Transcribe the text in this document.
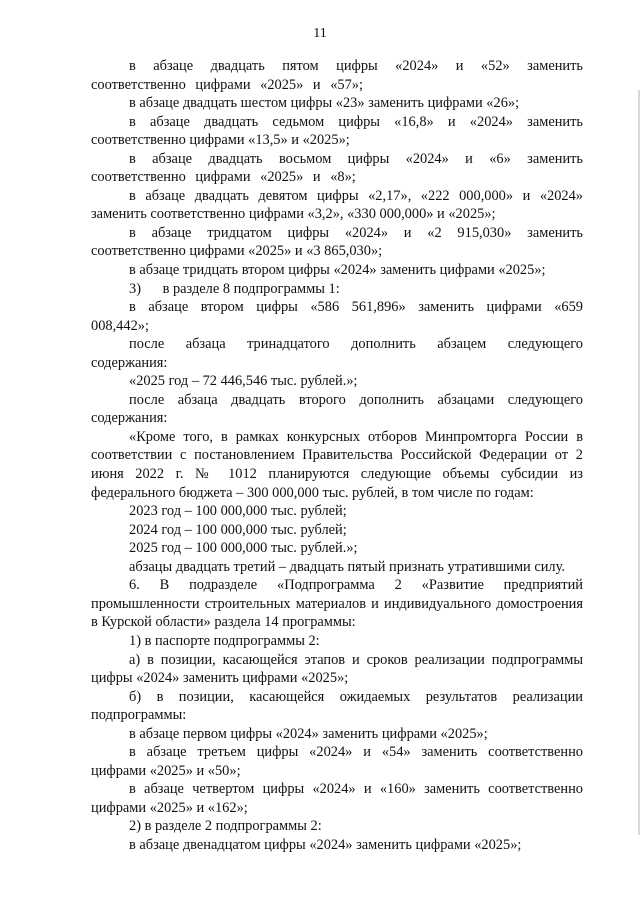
11

в абзаце двадцать пятом цифры «2024» и «52» заменить соответственно цифрами «2025» и «57»;

в абзаце двадцать шестом цифры «23» заменить цифрами «26»;

в абзаце двадцать седьмом цифры «16,8» и «2024» заменить соответственно цифрами «13,5» и «2025»;

в абзаце двадцать восьмом цифры «2024» и «6» заменить соответственно цифрами «2025» и «8»;

в абзаце двадцать девятом цифры «2,17», «222 000,000» и «2024» заменить соответственно цифрами «3,2», «330 000,000» и «2025»;

в абзаце тридцатом цифры «2024» и «2 915,030» заменить соответственно цифрами «2025» и «3 865,030»;

в абзаце тридцать втором цифры «2024» заменить цифрами «2025»;

3)      в разделе 8 подпрограммы 1:

в абзаце втором цифры «586 561,896» заменить цифрами «659 008,442»;

после абзаца тринадцатого дополнить абзацем следующего содержания:

«2025 год – 72 446,546 тыс. рублей.»;

после абзаца двадцать второго дополнить абзацами следующего содержания:

«Кроме того, в рамках конкурсных отборов Минпромторга России в соответствии с постановлением Правительства Российской Федерации от 2 июня 2022 г. № 1012 планируются следующие объемы субсидии из федерального бюджета – 300 000,000 тыс. рублей, в том числе по годам:

2023 год – 100 000,000 тыс. рублей;

2024 год – 100 000,000 тыс. рублей;

2025 год – 100 000,000 тыс. рублей.»;

абзацы двадцать третий – двадцать пятый признать утратившими силу.

6. В подразделе «Подпрограмма 2 «Развитие предприятий промышленности строительных материалов и индивидуального домостроения в Курской области» раздела 14 программы:

1) в паспорте подпрограммы 2:

а) в позиции, касающейся этапов и сроков реализации подпрограммы цифры «2024» заменить цифрами «2025»;

б) в позиции, касающейся ожидаемых результатов реализации подпрограммы:

в абзаце первом цифры «2024» заменить цифрами «2025»;

в абзаце третьем цифры «2024» и «54» заменить соответственно цифрами «2025» и «50»;

в абзаце четвертом цифры «2024» и «160» заменить соответственно цифрами «2025» и «162»;

2) в разделе 2 подпрограммы 2:

в абзаце двенадцатом цифры «2024» заменить цифрами «2025»;
